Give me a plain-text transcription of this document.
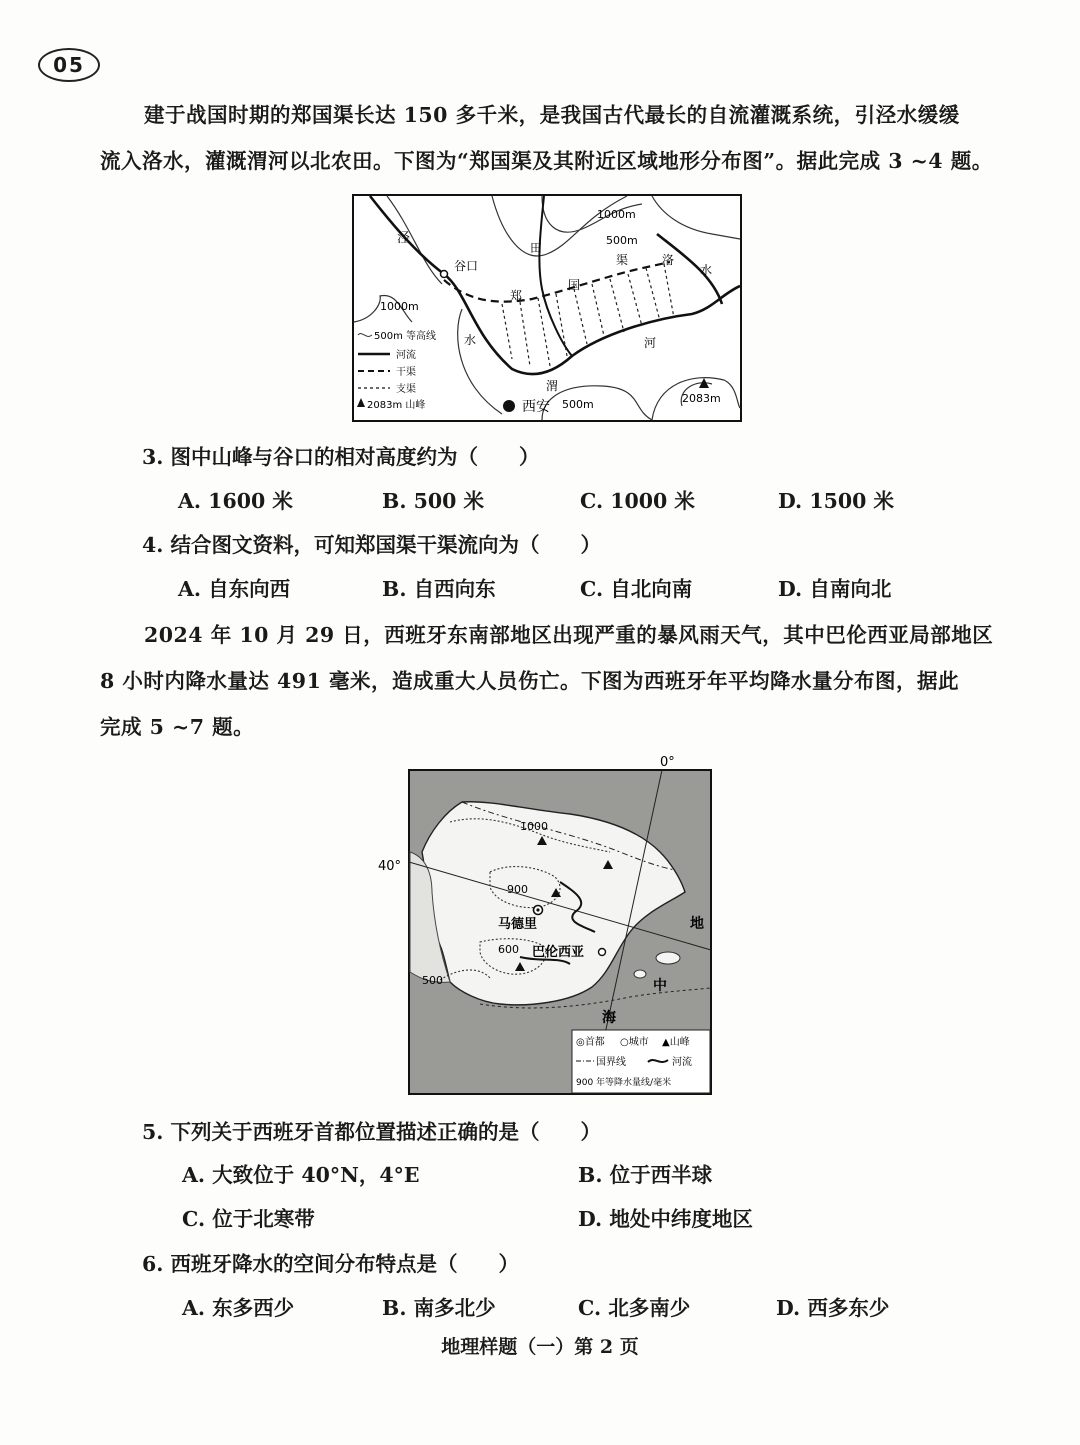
05
建于战国时期的郑国渠长达 150 多千米，是我国古代最长的自流灌溉系统，引泾水缓缓
流入洛水，灌溉渭河以北农田。下图为“郑国渠及其附近区域地形分布图”。据此完成 3 ~4 题。
泾
谷口
田
郑
国
渠	洛
水
水
渭
河
西安
1000m
500m
1000m
500m	2083m
500m 等高线
河流
干渠
支渠
2083m 山峰
3. 图中山峰与谷口的相对高度约为（　　）
A. 1600 米	B. 500 米	C. 1000 米	D. 1500 米
4. 结合图文资料，可知郑国渠干渠流向为（　　）
A. 自东向西	B. 自西向东	C. 自北向南	D. 自南向北
2024 年 10 月 29 日，西班牙东南部地区出现严重的暴风雨天气，其中巴伦西亚局部地区
8 小时内降水量达 491 毫米，造成重大人员伤亡。下图为西班牙年平均降水量分布图，据此
完成 5 ~7 题。
0°
40°
1000
900
600
500
马德里
巴伦西亚
地
中
海
◎首都 ○城市 ▲山峰
国界线	河流
900 年等降水量线/毫米
5. 下列关于西班牙首都位置描述正确的是（　　）
A. 大致位于 40°N，4°E	B. 位于西半球
C. 位于北寒带	D. 地处中纬度地区
6. 西班牙降水的空间分布特点是（　　）
A. 东多西少	B. 南多北少	C. 北多南少	D. 西多东少
地理样题（一）第 2 页
